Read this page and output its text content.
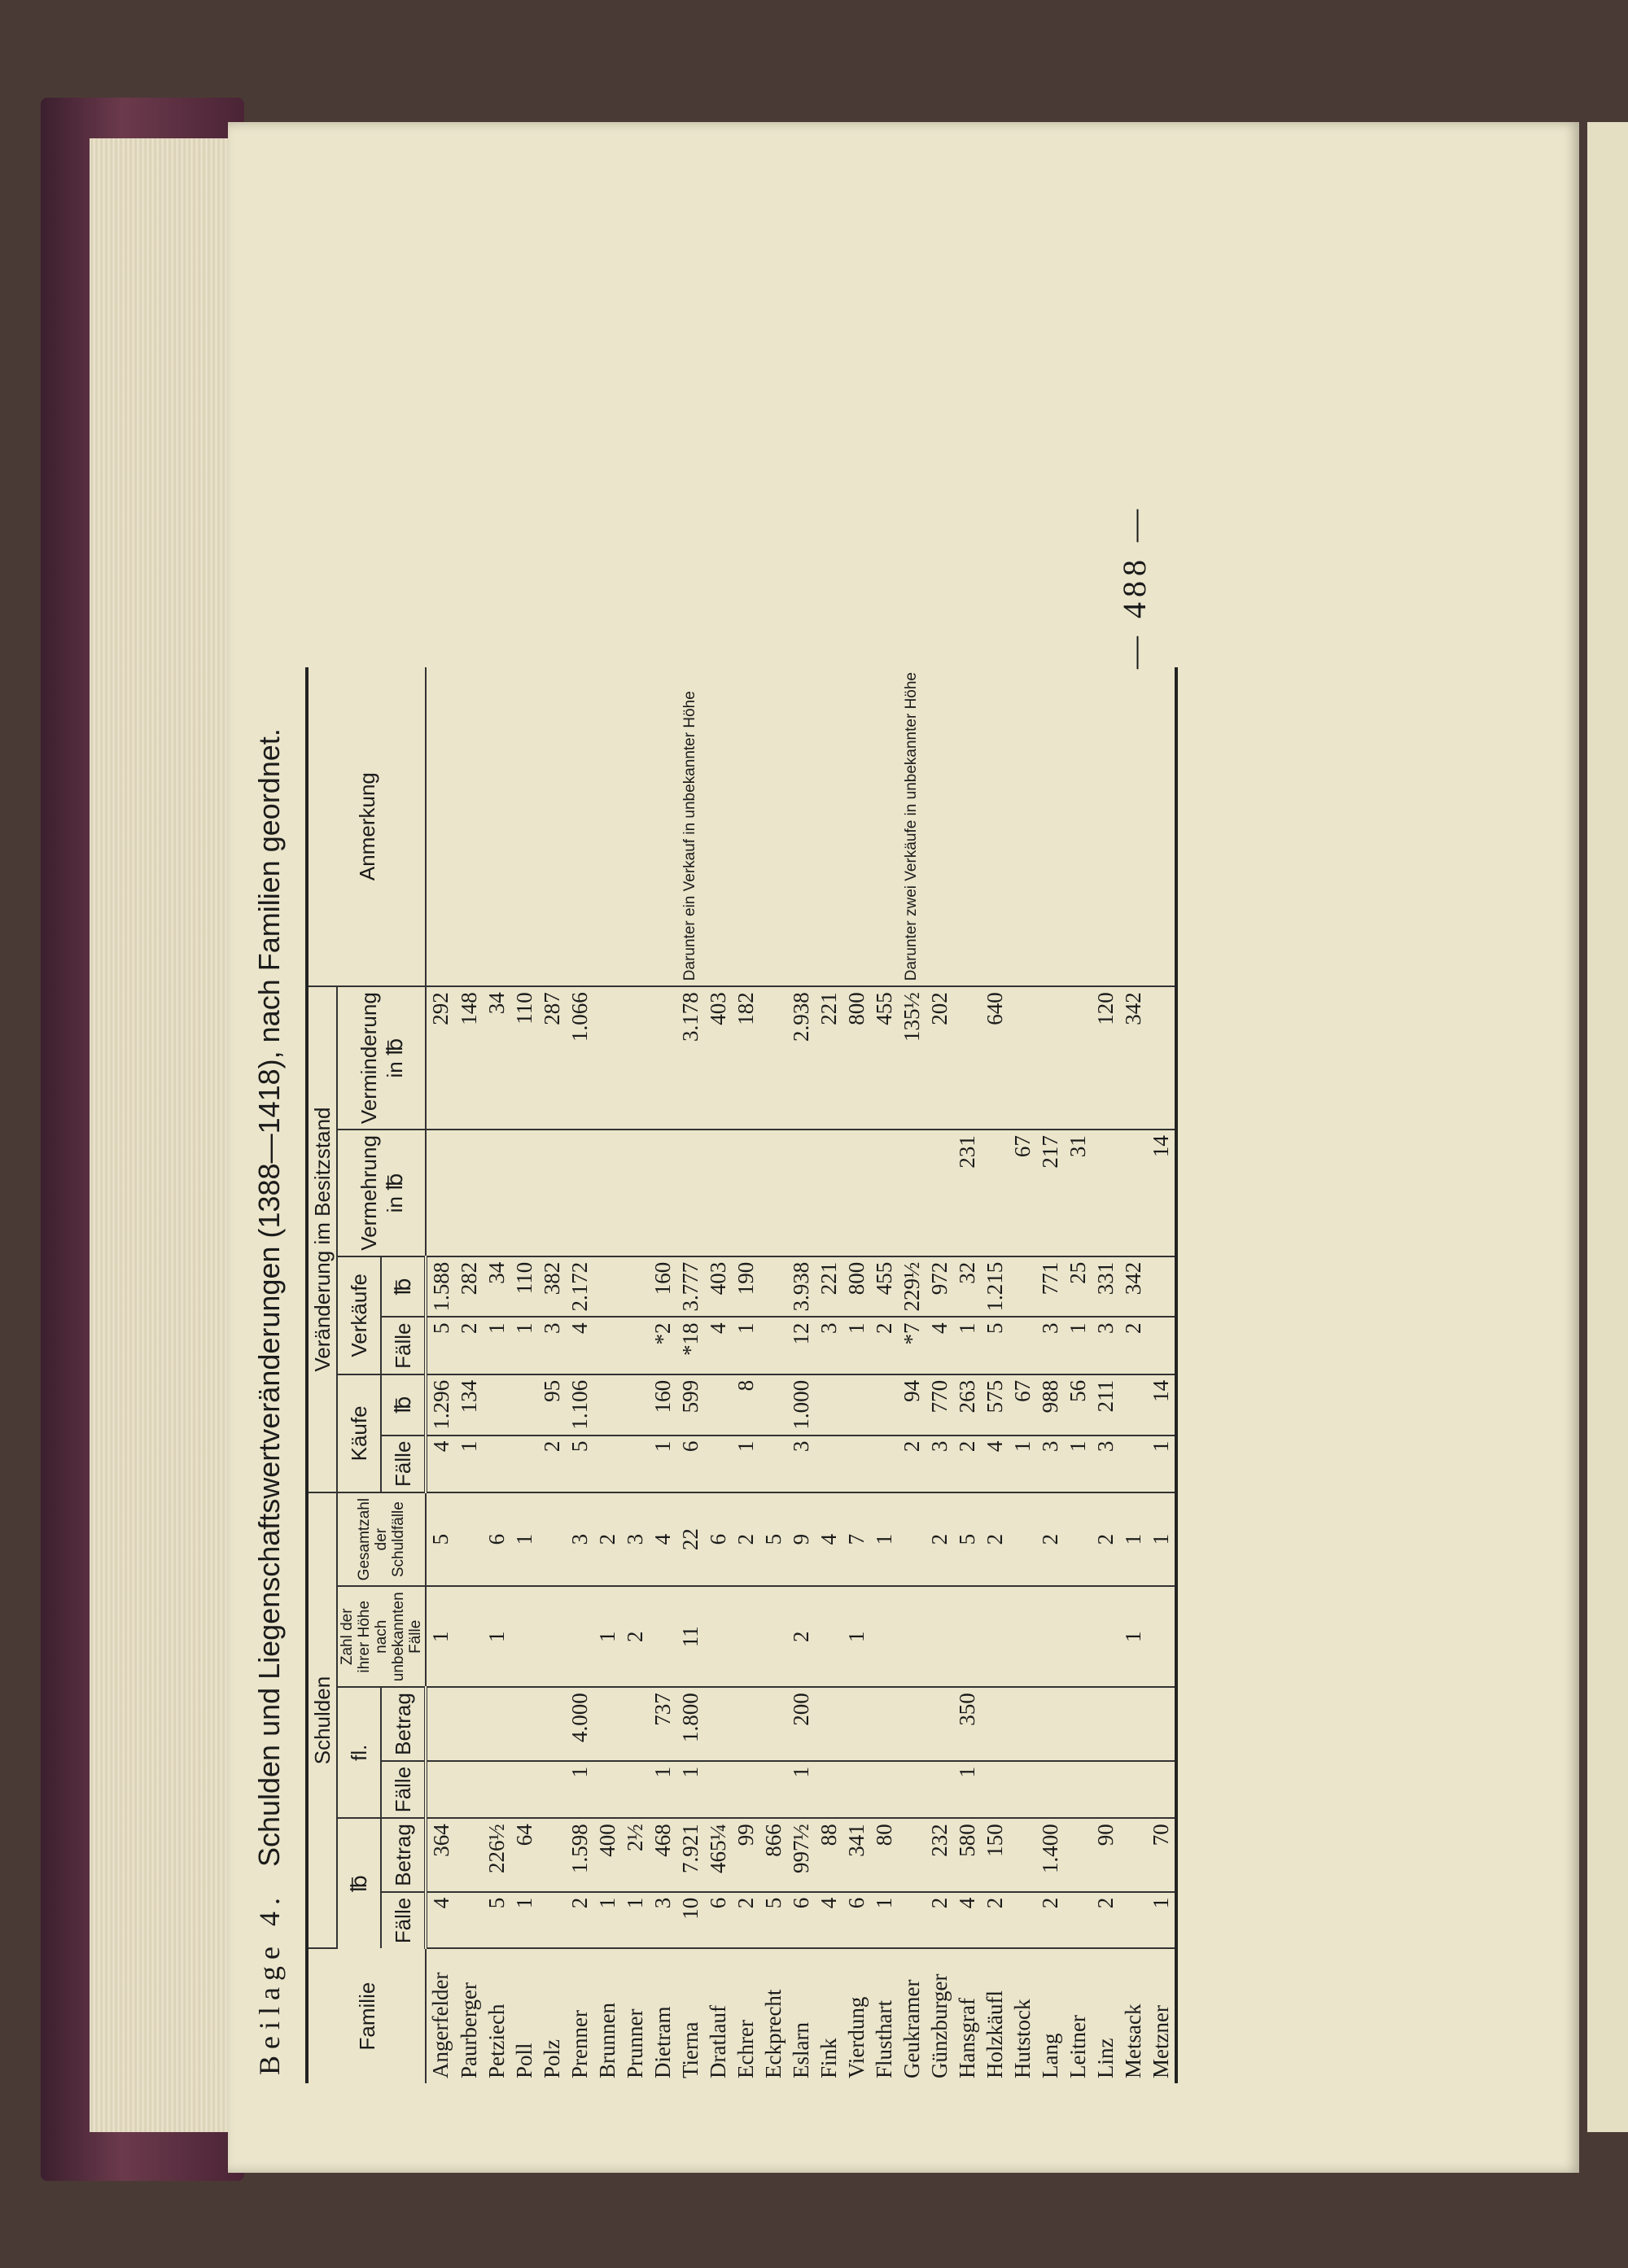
— 488 —
Beilage 4.Schulden und Liegenschaftswertveränderungen (1388—1418), nach Familien geordnet.
Familie	Schulden						Veränderung im Besitzstand						Anmerkung
	℔		fl.		Zahl der ihrer Höhe nach unbekannten Fälle	Gesamtzahl der Schuldfälle	Käufe		Verkäufe		Vermehrung in ℔	Verminderung in ℔	
	Fälle	Betrag	Fälle	Betrag			Fälle	℔	Fälle	℔			
Angerfelder	4	364			1	5	4	1.296	5	1.588		292	
Paurberger							1	134	2	282		148	
Petziech	5	226½			1	6			1	34		34	
Poll	1	64				1			1	110		110	
Polz							2	95	3	382		287	
Prenner	2	1.598	1	4.000		3	5	1.106	4	2.172		1.066	
Brunnen	1	400			1	2							
Prunner	1	2½			2	3							
Dietram	3	468	1	737		4	1	160	*2	160			
Tierna	10	7.921	1	1.800	11	22	6	599	*18	3.777		3.178	Darunter ein Verkauf in unbekannter Höhe
Dratlauf	6	465¼				6			4	403		403	
Echrer	2	99				2	1	8	1	190		182	
Eckprecht	5	866				5							
Eslarn	6	997½	1	200	2	9	3	1.000	12	3.938		2.938	
Fink	4	88				4			3	221		221	
Vierdung	6	341			1	7			1	800		800	
Flusthart	1	80				1			2	455		455	
Geukramer							2	94	*7	229½		135½	Darunter zwei Verkäufe in unbekannter Höhe
Günzburger	2	232				2	3	770	4	972		202	
Hansgraf	4	580	1	350		5	2	263	1	32	231		
Holzkäufl	2	150				2	4	575	5	1.215		640	
Hutstock							1	67			67		
Lang	2	1.400				2	3	988	3	771	217		
Leitner							1	56	1	25	31		
Linz	2	90				2	3	211	3	331		120	
Metsack					1	1			2	342		342	
Metzner	1	70				1	1	14			14		
